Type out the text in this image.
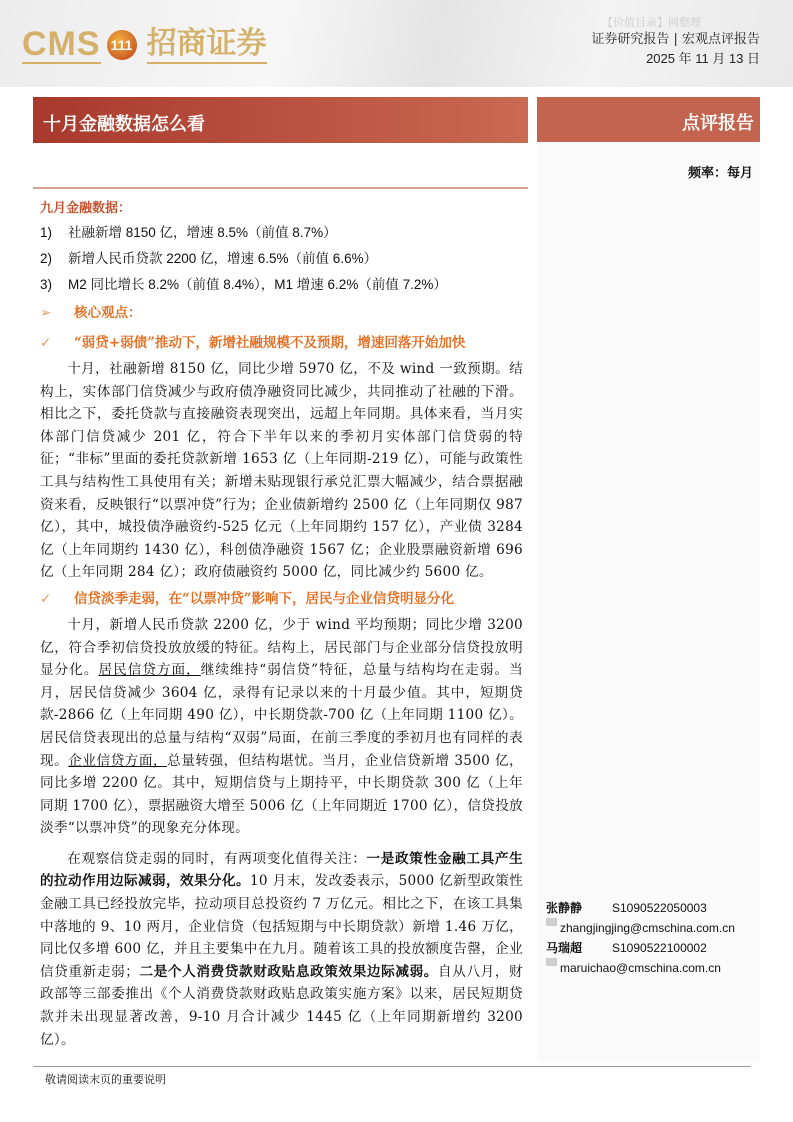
CMS 111 招商证券
【价值目录】网整理
证券研究报告 | 宏观点评报告
2025 年 11 月 13 日
十月金融数据怎么看	点评报告
频率：每月
九月金融数据：
1)	社融新增 8150 亿，增速 8.5%（前值 8.7%）
2)	新增人民币贷款 2200 亿，增速 6.5%（前值 6.6%）
3)	M2 同比增长 8.2%（前值 8.4%），M1 增速 6.2%（前值 7.2%）
➢	核心观点：
✓	“弱贷+弱债”推动下，新增社融规模不及预期，增速回落开始加快

十月，社融新增 8150 亿，同比少增 5970 亿，不及 wind 一致预期。结构上，实体部门信贷减少与政府债净融资同比减少，共同推动了社融的下滑。相比之下，委托贷款与直接融资表现突出，远超上年同期。具体来看，当月实体部门信贷减少 201 亿，符合下半年以来的季初月实体部门信贷弱的特征；“非标”里面的委托贷款新增 1653 亿（上年同期-219 亿），可能与政策性工具与结构性工具使用有关；新增未贴现银行承兑汇票大幅减少，结合票据融资来看，反映银行“以票冲贷”行为；企业债新增约 2500 亿（上年同期仅 987 亿），其中，城投债净融资约-525 亿元（上年同期约 157 亿），产业债 3284 亿（上年同期约 1430 亿），科创债净融资 1567 亿；企业股票融资新增 696 亿（上年同期 284 亿）；政府债融资约 5000 亿，同比减少约 5600 亿。

✓	信贷淡季走弱，在“以票冲贷”影响下，居民与企业信贷明显分化

十月，新增人民币贷款 2200 亿，少于 wind 平均预期；同比少增 3200 亿，符合季初信贷投放放缓的特征。结构上，居民部门与企业部分信贷投放明显分化。居民信贷方面，继续维持“弱信贷”特征，总量与结构均在走弱。当月，居民信贷减少 3604 亿，录得有记录以来的十月最少值。其中，短期贷款-2866 亿（上年同期 490 亿），中长期贷款-700 亿（上年同期 1100 亿）。居民信贷表现出的总量与结构“双弱”局面，在前三季度的季初月也有同样的表现。企业信贷方面，总量转强，但结构堪忧。当月，企业信贷新增 3500 亿，同比多增 2200 亿。其中，短期信贷与上期持平，中长期贷款 300 亿（上年同期 1700 亿），票据融资大增至 5006 亿（上年同期近 1700 亿），信贷投放淡季“以票冲贷”的现象充分体现。

在观察信贷走弱的同时，有两项变化值得关注：一是政策性金融工具产生的拉动作用边际减弱，效果分化。10 月末，发改委表示，5000 亿新型政策性金融工具已经投放完毕，拉动项目总投资约 7 万亿元。相比之下，在该工具集中落地的 9、10 两月，企业信贷（包括短期与中长期贷款）新增 1.46 万亿，同比仅多增 600 亿，并且主要集中在九月。随着该工具的投放额度告罄，企业信贷重新走弱；二是个人消费贷款财政贴息政策效果边际减弱。自从八月，财政部等三部委推出《个人消费贷款财政贴息政策实施方案》以来，居民短期贷款并未出现显著改善，9-10 月合计减少 1445 亿（上年同期新增约 3200 亿）。

张静静	S1090522050003
zhangjingjing@cmschina.com.cn
马瑞超	S1090522100002
maruichao@cmschina.com.cn
敬请阅读末页的重要说明
